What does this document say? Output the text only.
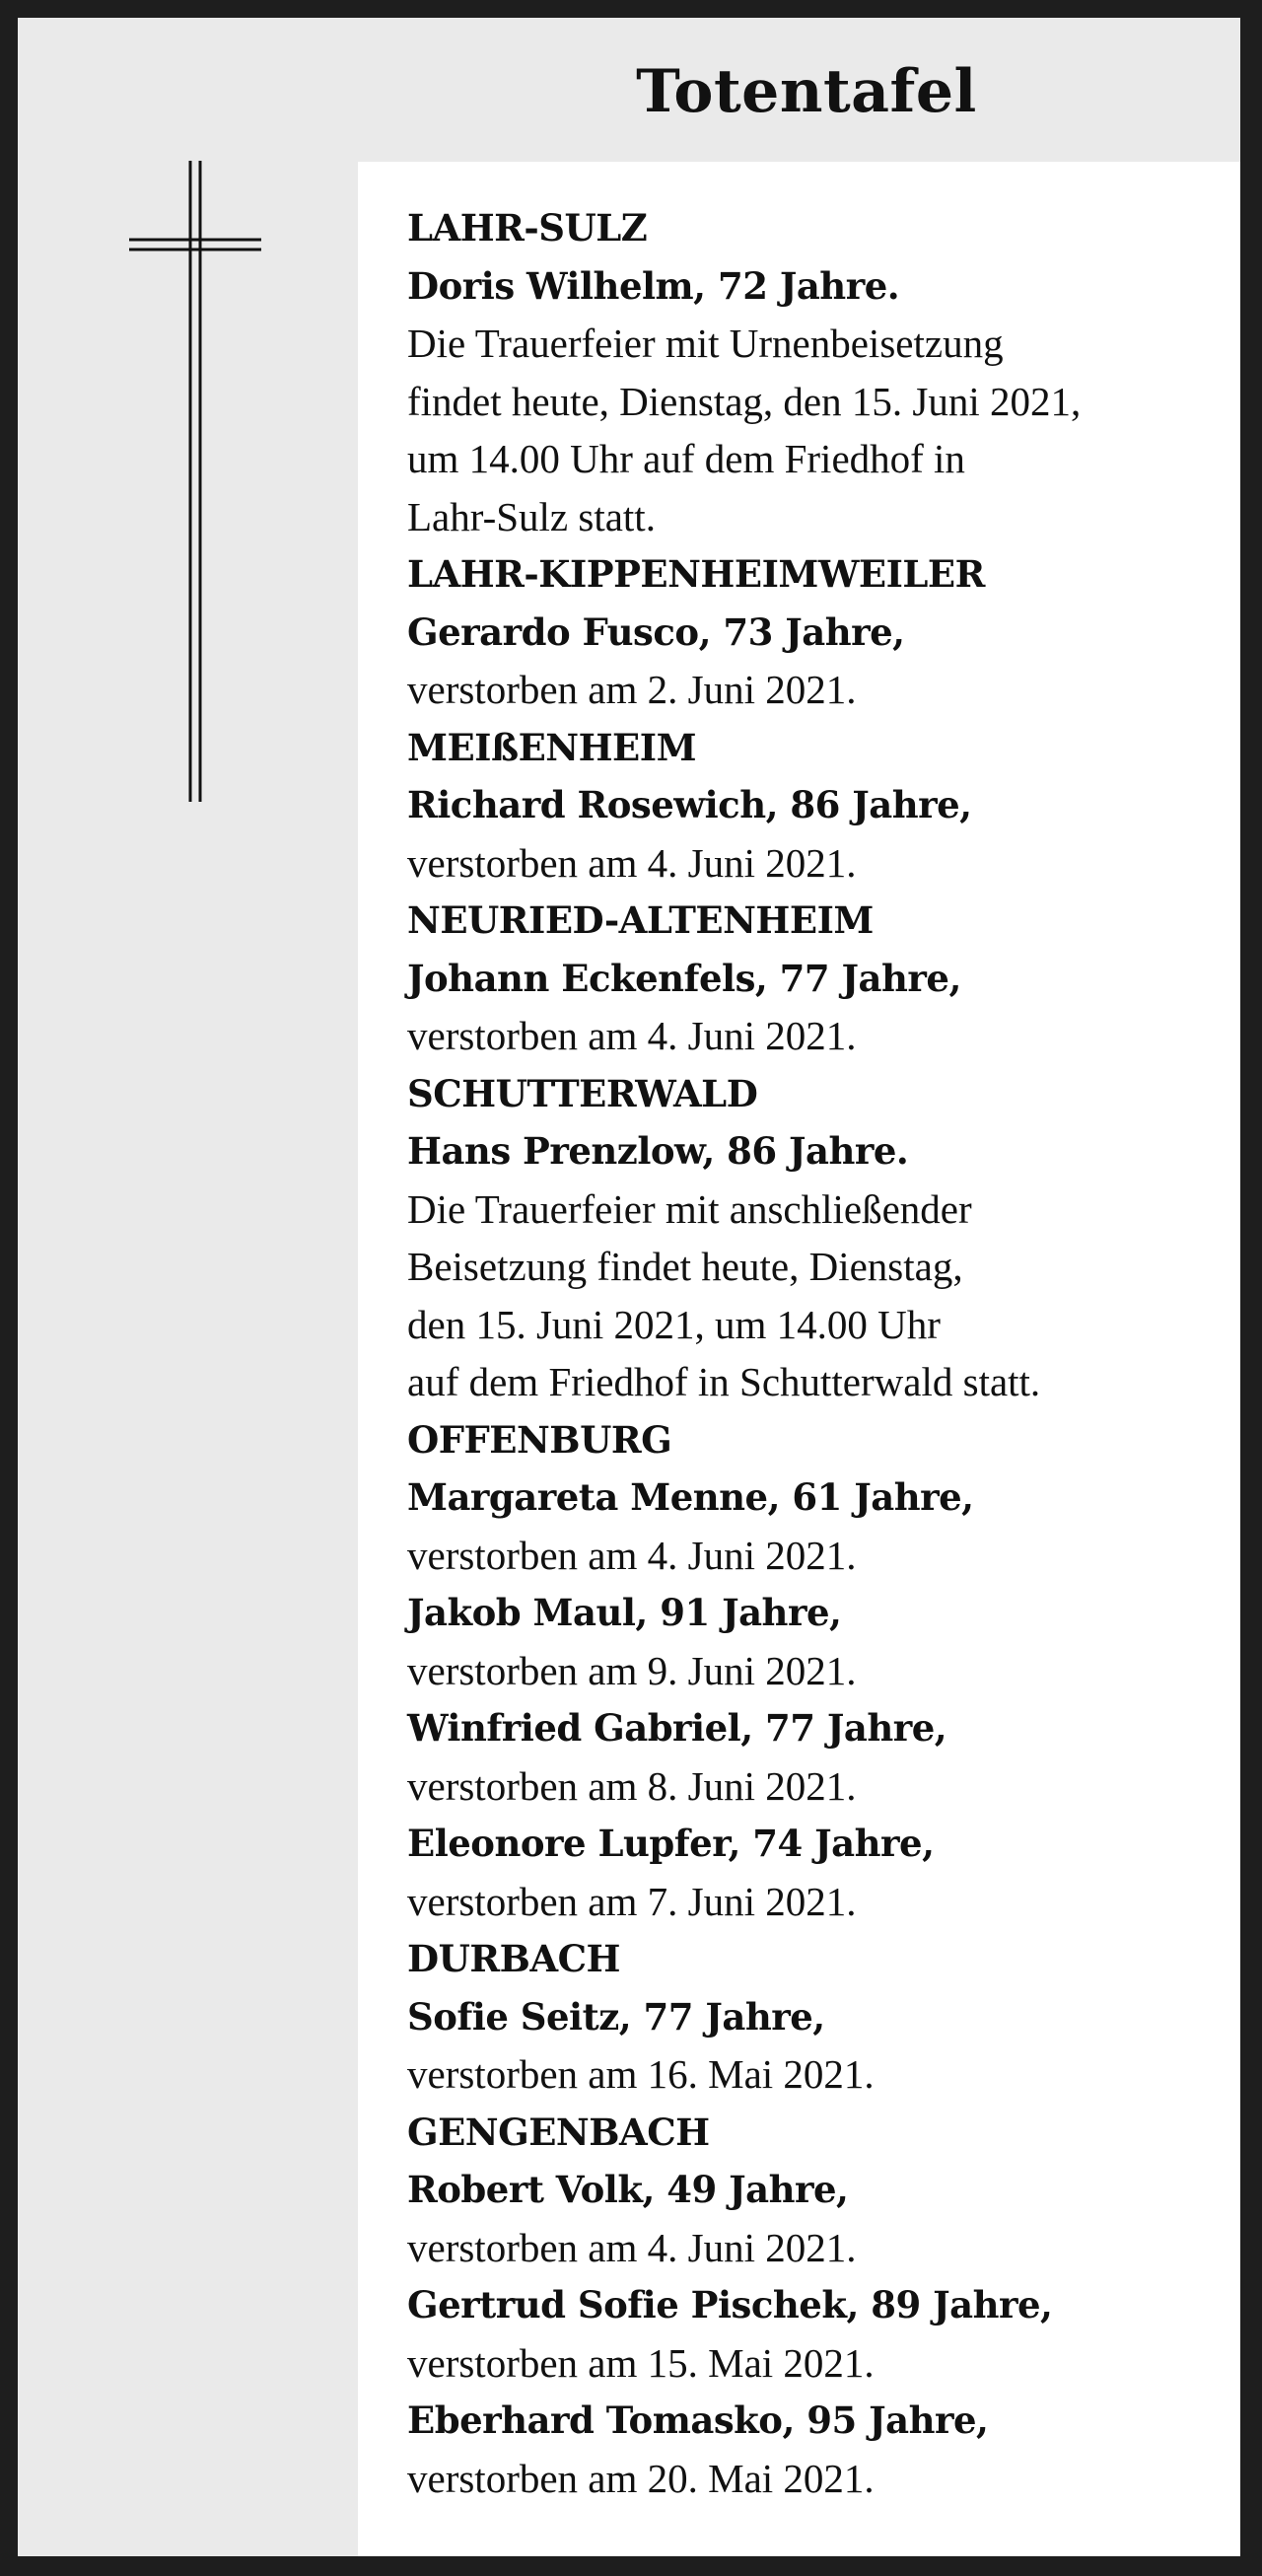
Totentafel
LAHR-SULZ
Doris Wilhelm, 72 Jahre.
Die Trauerfeier mit Urnenbeisetzung
findet heute, Dienstag, den 15. Juni 2021,
um 14.00 Uhr auf dem Friedhof in
Lahr-Sulz statt.
LAHR-KIPPENHEIMWEILER
Gerardo Fusco, 73 Jahre,
verstorben am 2. Juni 2021.
MEIßENHEIM
Richard Rosewich, 86 Jahre,
verstorben am 4. Juni 2021.
NEURIED-ALTENHEIM
Johann Eckenfels, 77 Jahre,
verstorben am 4. Juni 2021.
SCHUTTERWALD
Hans Prenzlow, 86 Jahre.
Die Trauerfeier mit anschließender
Beisetzung findet heute, Dienstag,
den 15. Juni 2021, um 14.00 Uhr
auf dem Friedhof in Schutterwald statt.
OFFENBURG
Margareta Menne, 61 Jahre,
verstorben am 4. Juni 2021.
Jakob Maul, 91 Jahre,
verstorben am 9. Juni 2021.
Winfried Gabriel, 77 Jahre,
verstorben am 8. Juni 2021.
Eleonore Lupfer, 74 Jahre,
verstorben am 7. Juni 2021.
DURBACH
Sofie Seitz, 77 Jahre,
verstorben am 16. Mai 2021.
GENGENBACH
Robert Volk, 49 Jahre,
verstorben am 4. Juni 2021.
Gertrud Sofie Pischek, 89 Jahre,
verstorben am 15. Mai 2021.
Eberhard Tomasko, 95 Jahre,
verstorben am 20. Mai 2021.
